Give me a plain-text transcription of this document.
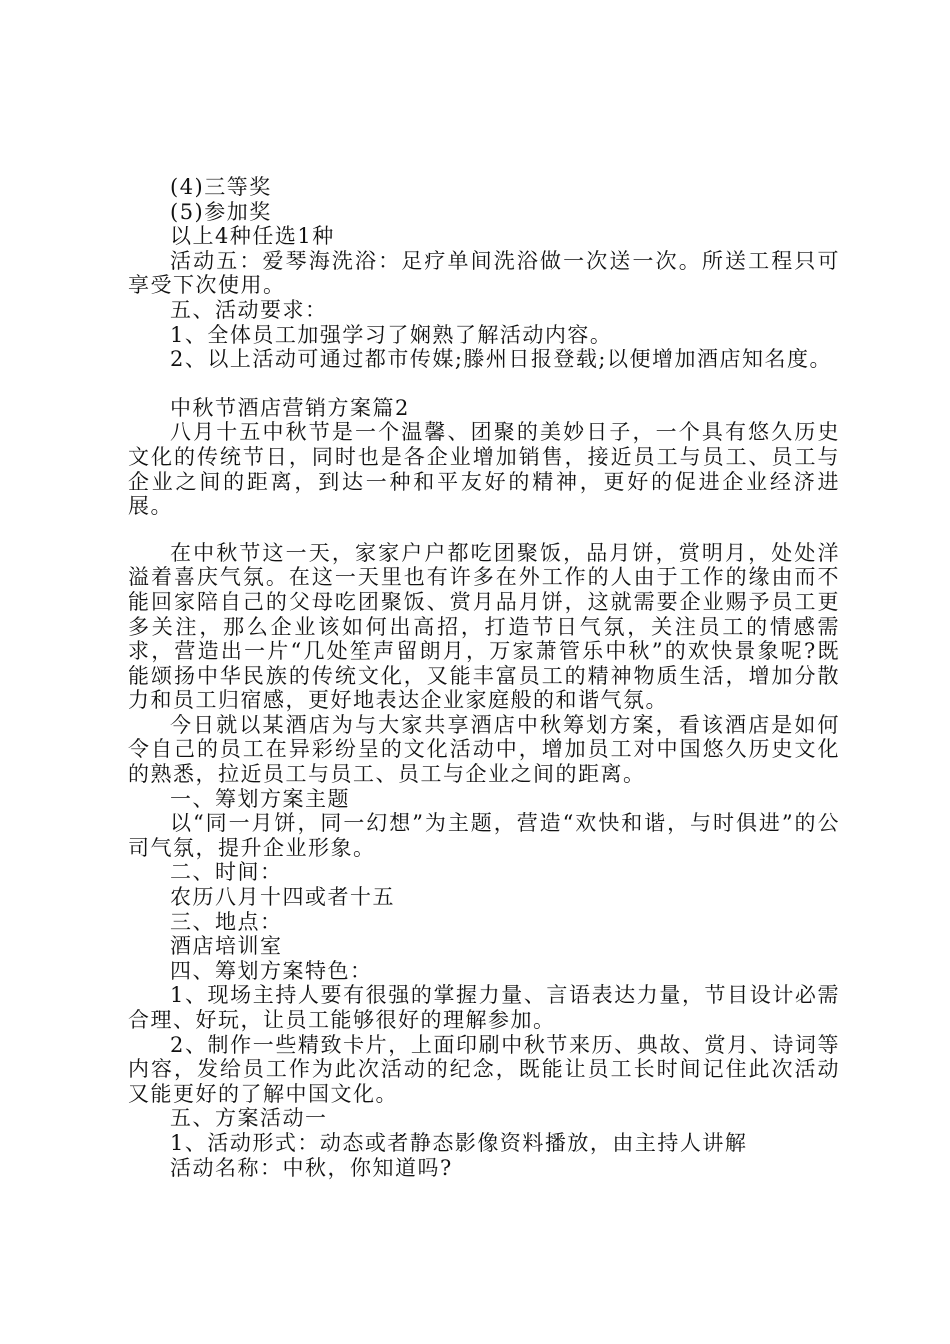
(4)三等奖

(5)参加奖

以上4种任选1种

活动五：爱琴海洗浴：足疗单间洗浴做一次送一次。所送工程只可享受下次使用。

五、活动要求：

1、全体员工加强学习了娴熟了解活动内容。

2、以上活动可通过都市传媒;滕州日报登载;以便增加酒店知名度。

中秋节酒店营销方案篇2

八月十五中秋节是一个温馨、团聚的美妙日子，一个具有悠久历史文化的传统节日，同时也是各企业增加销售，接近员工与员工、员工与企业之间的距离，到达一种和平友好的精神，更好的促进企业经济进展。

在中秋节这一天，家家户户都吃团聚饭，品月饼，赏明月，处处洋溢着喜庆气氛。在这一天里也有许多在外工作的人由于工作的缘由而不能回家陪自己的父母吃团聚饭、赏月品月饼，这就需要企业赐予员工更多关注，那么企业该如何出高招，打造节日气氛，关注员工的情感需求，营造出一片“几处笙声留朗月，万家萧管乐中秋”的欢快景象呢?既能颂扬中华民族的传统文化，又能丰富员工的精神物质生活，增加分散力和员工归宿感，更好地表达企业家庭般的和谐气氛。

今日就以某酒店为与大家共享酒店中秋筹划方案，看该酒店是如何令自己的员工在异彩纷呈的文化活动中，增加员工对中国悠久历史文化的熟悉，拉近员工与员工、员工与企业之间的距离。

一、筹划方案主题

以“同一月饼，同一幻想”为主题，营造“欢快和谐，与时俱进”的公司气氛，提升企业形象。

二、时间：

农历八月十四或者十五

三、地点：

酒店培训室

四、筹划方案特色：

1、现场主持人要有很强的掌握力量、言语表达力量，节目设计必需合理、好玩，让员工能够很好的理解参加。

2、制作一些精致卡片，上面印刷中秋节来历、典故、赏月、诗词等内容，发给员工作为此次活动的纪念，既能让员工长时间记住此次活动又能更好的了解中国文化。

五、方案活动一

1、活动形式：动态或者静态影像资料播放，由主持人讲解

活动名称：中秋，你知道吗?
